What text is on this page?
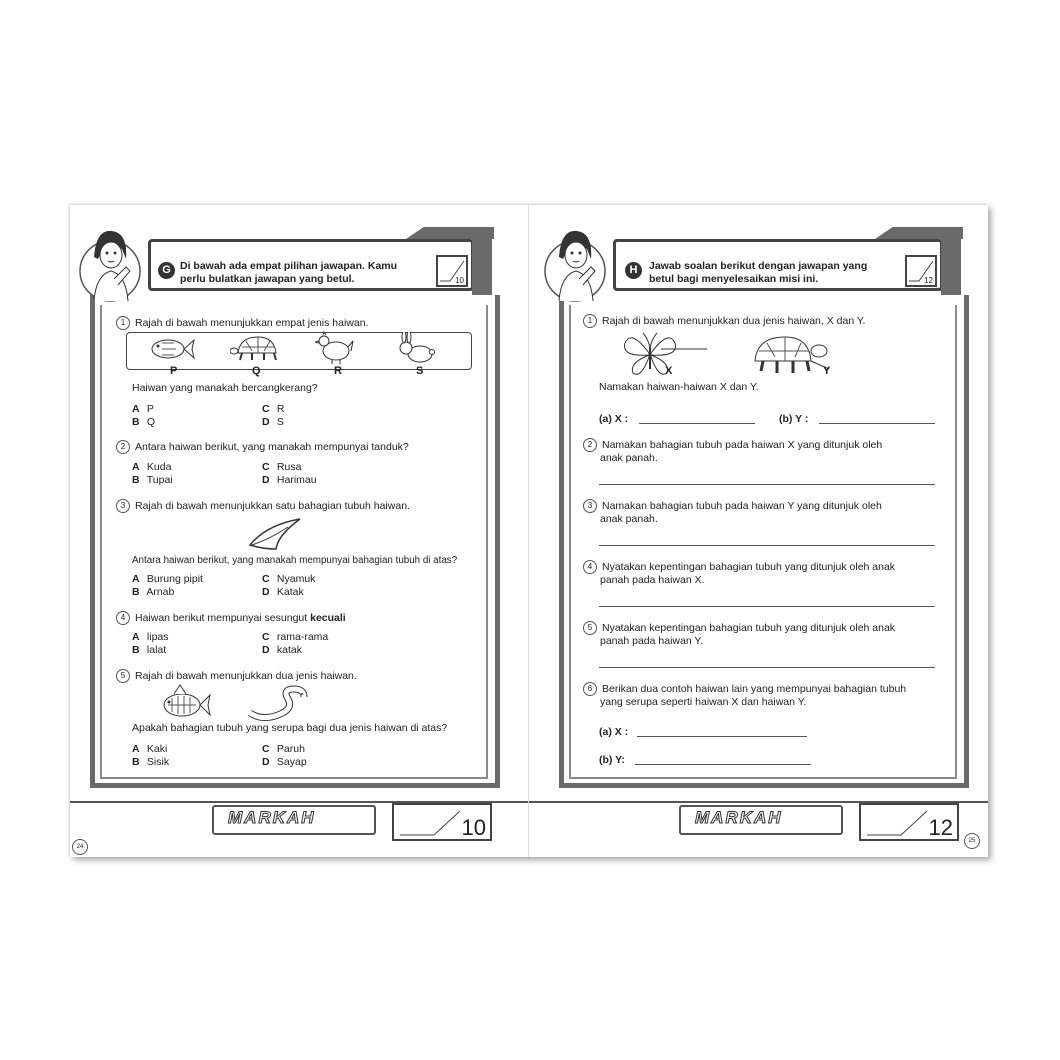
G Di bawah ada empat pilihan jawapan. Kamu
perlu bulatkan jawapan yang betul.	10
1 Rajah di bawah menunjukkan empat jenis haiwan.
P	Q	R	S
Haiwan yang manakah bercangkerang?
A P
B Q
C R
D S
2 Antara haiwan berikut, yang manakah mempunyai tanduk?
A Kuda
B Tupai
C Rusa
D Harimau
3 Rajah di bawah menunjukkan satu bahagian tubuh haiwan.
Antara haiwan berikut, yang manakah mempunyai bahagian tubuh di atas?
A Burung pipit
B Arnab
C Nyamuk
D Katak
4 Haiwan berikut mempunyai sesungut kecuali
A lipas
B lalat
C rama-rama
D katak
5 Rajah di bawah menunjukkan dua jenis haiwan.
Apakah bahagian tubuh yang serupa bagi dua jenis haiwan di atas?
A Kaki
B Sisik
C Paruh
D Sayap
MARKAH	10
24
H	Jawab soalan berikut dengan jawapan yang
betul bagi menyelesaikan misi ini.	12
1 Rajah di bawah menunjukkan dua jenis haiwan, X dan Y.
X	Y
Namakan haiwan-haiwan X dan Y.
(a) X :	(b) Y :
2 Namakan bahagian tubuh pada haiwan X yang ditunjuk oleh
anak panah.
3 Namakan bahagian tubuh pada haiwan Y yang ditunjuk oleh
anak panah.
4 Nyatakan kepentingan bahagian tubuh yang ditunjuk oleh anak
panah pada haiwan X.
5 Nyatakan kepentingan bahagian tubuh yang ditunjuk oleh anak
panah pada haiwan Y.
6 Berikan dua contoh haiwan lain yang mempunyai bahagian tubuh
yang serupa seperti haiwan X dan haiwan Y.
(a) X :
(b) Y:
MARKAH	12
25
